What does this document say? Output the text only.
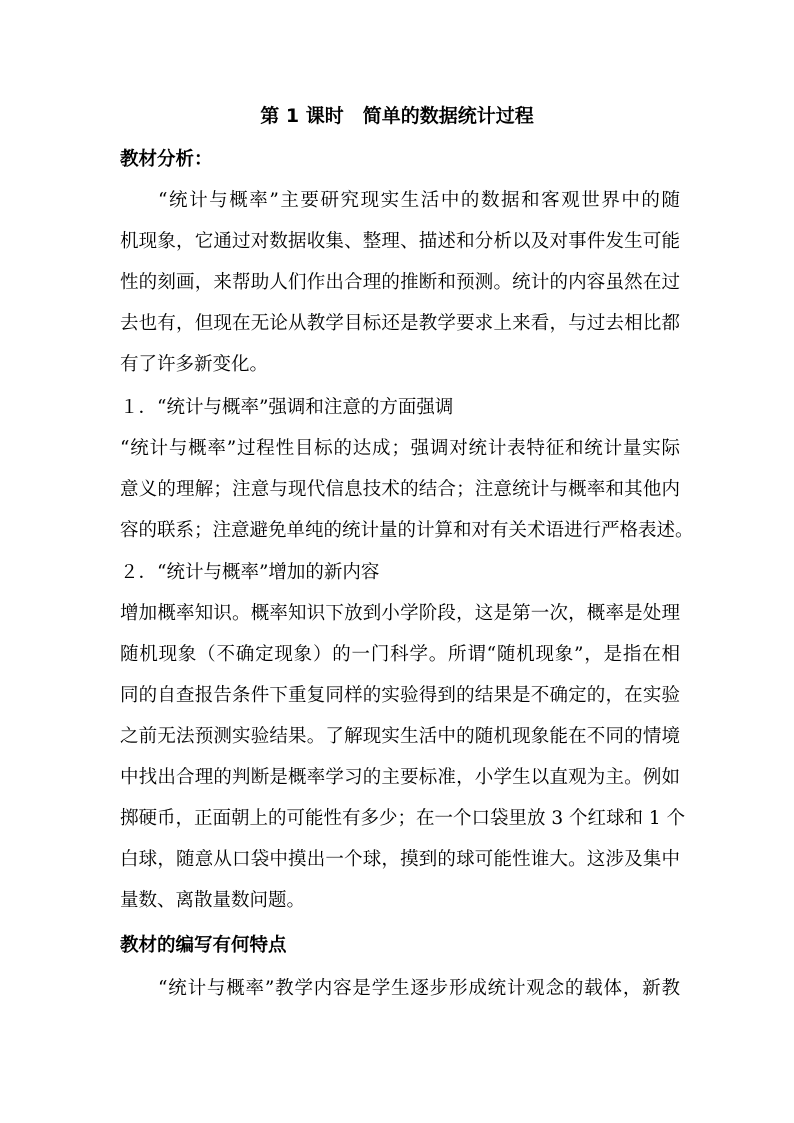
第 1 课时　简单的数据统计过程
教材分析：
“统计与概率”主要研究现实生活中的数据和客观世界中的随
机现象，它通过对数据收集、整理、描述和分析以及对事件发生可能
性的刻画，来帮助人们作出合理的推断和预测。统计的内容虽然在过
去也有，但现在无论从教学目标还是教学要求上来看，与过去相比都
有了许多新变化。
１．“统计与概率”强调和注意的方面强调
“统计与概率”过程性目标的达成；强调对统计表特征和统计量实际
意义的理解；注意与现代信息技术的结合；注意统计与概率和其他内
容的联系；注意避免单纯的统计量的计算和对有关术语进行严格表述。
２．“统计与概率”增加的新内容
增加概率知识。概率知识下放到小学阶段，这是第一次，概率是处理
随机现象（不确定现象）的一门科学。所谓“随机现象”，是指在相
同的自查报告条件下重复同样的实验得到的结果是不确定的，在实验
之前无法预测实验结果。了解现实生活中的随机现象能在不同的情境
中找出合理的判断是概率学习的主要标准，小学生以直观为主。例如
掷硬币，正面朝上的可能性有多少；在一个口袋里放 3 个红球和 1 个
白球，随意从口袋中摸出一个球，摸到的球可能性谁大。这涉及集中
量数、离散量数问题。
教材的编写有何特点
“统计与概率”教学内容是学生逐步形成统计观念的载体，新教
